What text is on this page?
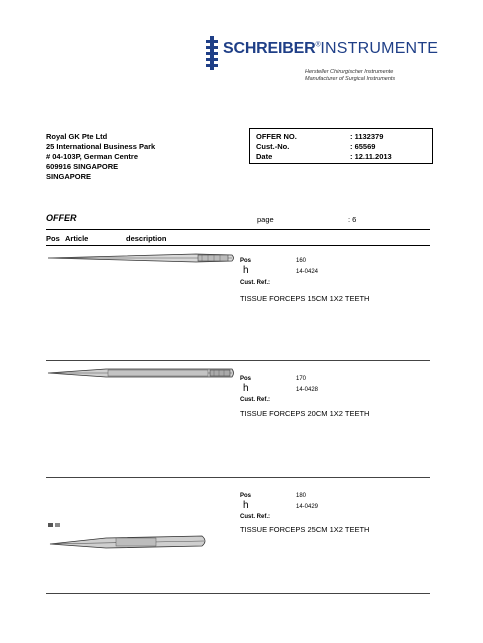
SCHREIBER®INSTRUMENTE
Hersteller Chirurgischer Instrumente
Manufacturer of Surgical Instruments
Royal GK Pte Ltd
25 International Business Park
# 04-103P, German Centre
609916 SINGAPORE
SINGAPORE
OFFER NO.	: 1132379
Cust.-No.	: 65569
Date	: 12.11.2013
OFFER	page	: 6
Pos Article	description
Pos	160
h	14-0424
Cust. Ref.:
TISSUE FORCEPS 15CM 1X2 TEETH
Pos	170
h	14-0428
Cust. Ref.:
TISSUE FORCEPS 20CM 1X2 TEETH
Pos	180
h	14-0429
Cust. Ref.:
TISSUE FORCEPS 25CM 1X2 TEETH
